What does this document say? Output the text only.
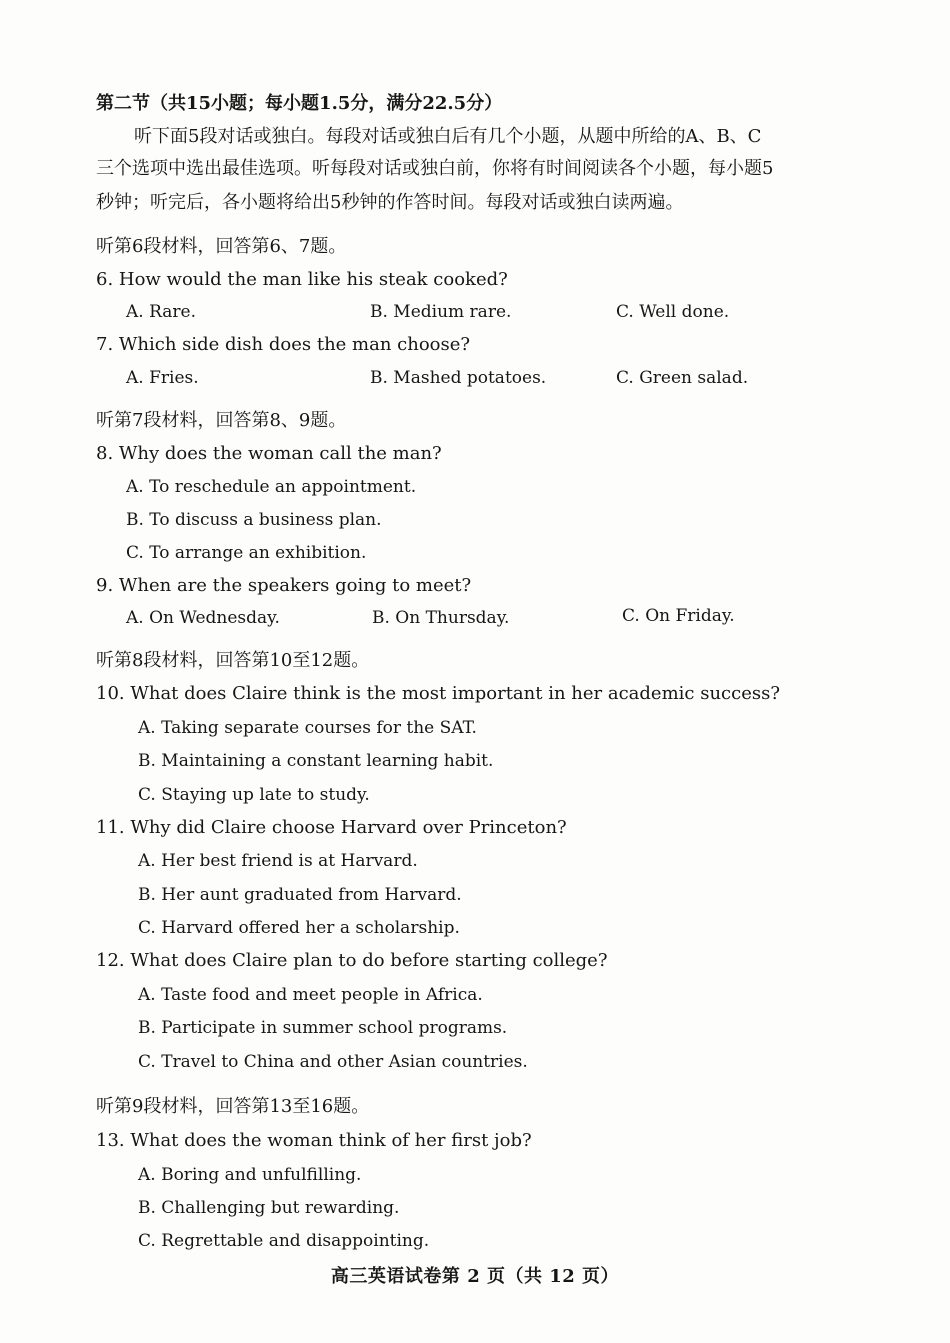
第二节（共15小题；每小题1.5分，满分22.5分）
听下面5段对话或独白。每段对话或独白后有几个小题，从题中所给的A、B、C
三个选项中选出最佳选项。听每段对话或独白前，你将有时间阅读各个小题，每小题5
秒钟；听完后，各小题将给出5秒钟的作答时间。每段对话或独白读两遍。
听第6段材料，回答第6、7题。
6. How would the man like his steak cooked?
A. Rare.	B. Medium rare.	C. Well done.
7. Which side dish does the man choose?
A. Fries.	B. Mashed potatoes.	C. Green salad.
听第7段材料，回答第8、9题。
8. Why does the woman call the man?
A. To reschedule an appointment.
B. To discuss a business plan.
C. To arrange an exhibition.
9. When are the speakers going to meet?
A. On Wednesday.	B. On Thursday.	C. On Friday.
听第8段材料，回答第10至12题。
10. What does Claire think is the most important in her academic success?
A. Taking separate courses for the SAT.
B. Maintaining a constant learning habit.
C. Staying up late to study.
11. Why did Claire choose Harvard over Princeton?
A. Her best friend is at Harvard.
B. Her aunt graduated from Harvard.
C. Harvard offered her a scholarship.
12. What does Claire plan to do before starting college?
A. Taste food and meet people in Africa.
B. Participate in summer school programs.
C. Travel to China and other Asian countries.
听第9段材料，回答第13至16题。
13. What does the woman think of her first job?
A. Boring and unfulfilling.
B. Challenging but rewarding.
C. Regrettable and disappointing.
高三英语试卷第 2 页（共 12 页）
